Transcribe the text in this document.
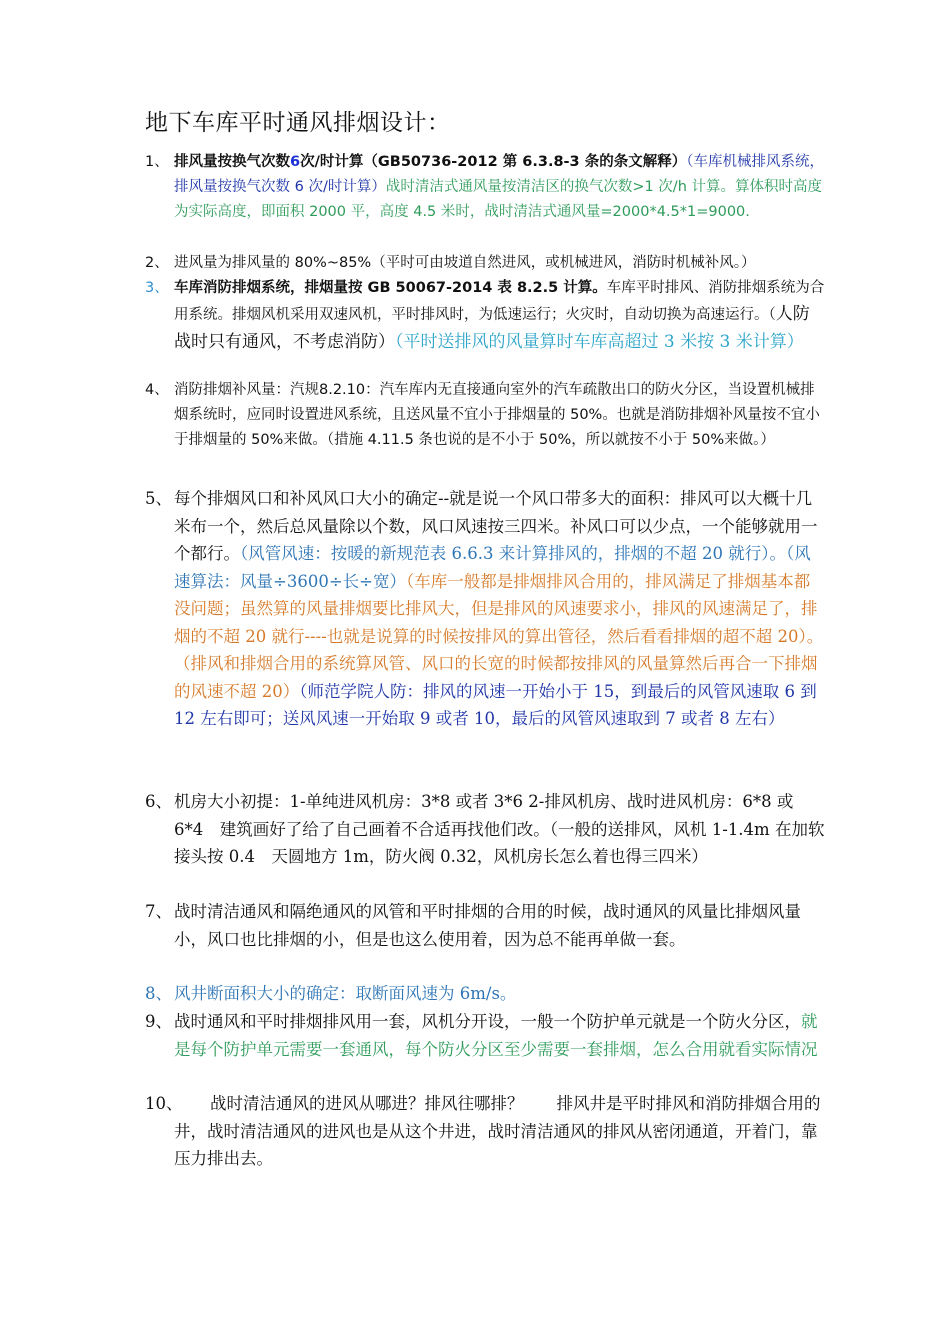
地下车库平时通风排烟设计：
1、 排风量按换气次数6次/时计算（GB50736-2012 第 6.3.8-3 条的条文解释）（车库机械排风系统，排风量按换气次数 6 次/时计算）战时清洁式通风量按清洁区的换气次数>1 次/h 计算。算体积时高度为实际高度，即面积 2000 平，高度 4.5 米时，战时清洁式通风量=2000*4.5*1=9000.
2、 进风量为排风量的 80%~85%（平时可由坡道自然进风，或机械进风，消防时机械补风。）
3、 车库消防排烟系统，排烟量按 GB 50067-2014 表 8.2.5 计算。车库平时排风、消防排烟系统为合用系统。排烟风机采用双速风机，平时排风时，为低速运行；火灾时，自动切换为高速运行。（人防战时只有通风，不考虑消防）（平时送排风的风量算时车库高超过 3 米按 3 米计算）
4、 消防排烟补风量：汽规8.2.10：汽车库内无直接通向室外的汽车疏散出口的防火分区，当设置机械排烟系统时，应同时设置进风系统，且送风量不宜小于排烟量的 50%。也就是消防排烟补风量按不宜小于排烟量的 50%来做。（措施 4.11.5 条也说的是不小于 50%，所以就按不小于 50%来做。）
5、 每个排烟风口和补风风口大小的确定--就是说一个风口带多大的面积：排风可以大概十几米布一个，然后总风量除以个数，风口风速按三四米。补风口可以少点，一个能够就用一个都行。（风管风速：按暖的新规范表 6.6.3 来计算排风的，排烟的不超 20 就行）。（风速算法：风量÷3600÷长÷宽）（车库一般都是排烟排风合用的，排风满足了排烟基本都没问题；虽然算的风量排烟要比排风大，但是排风的风速要求小，排风的风速满足了，排烟的不超 20 就行----也就是说算的时候按排风的算出管径，然后看看排烟的超不超 20）。（排风和排烟合用的系统算风管、风口的长宽的时候都按排风的风量算然后再合一下排烟的风速不超 20）（师范学院人防：排风的风速一开始小于 15，到最后的风管风速取 6 到 12 左右即可；送风风速一开始取 9 或者 10，最后的风管风速取到 7 或者 8 左右）
6、 机房大小初提：1-单纯进风机房：3*8 或者 3*6 2-排风机房、战时进风机房：6*8 或 6*4　建筑画好了给了自己画着不合适再找他们改。（一般的送排风，风机 1-1.4m 在加软接头按 0.4　天圆地方 1m，防火阀 0.32，风机房长怎么着也得三四米）
7、 战时清洁通风和隔绝通风的风管和平时排烟的合用的时候，战时通风的风量比排烟风量小，风口也比排烟的小，但是也这么使用着，因为总不能再单做一套。
8、 风井断面积大小的确定：取断面风速为 6m/s。
9、 战时通风和平时排烟排风用一套，风机分开设，一般一个防护单元就是一个防火分区，就是每个防护单元需要一套通风，每个防火分区至少需要一套排烟，怎么合用就看实际情况
10、	战时清洁通风的进风从哪进？排风往哪排？　　排风井是平时排风和消防排烟合用的井，战时清洁通风的进风也是从这个井进，战时清洁通风的排风从密闭通道，开着门，靠压力排出去。
